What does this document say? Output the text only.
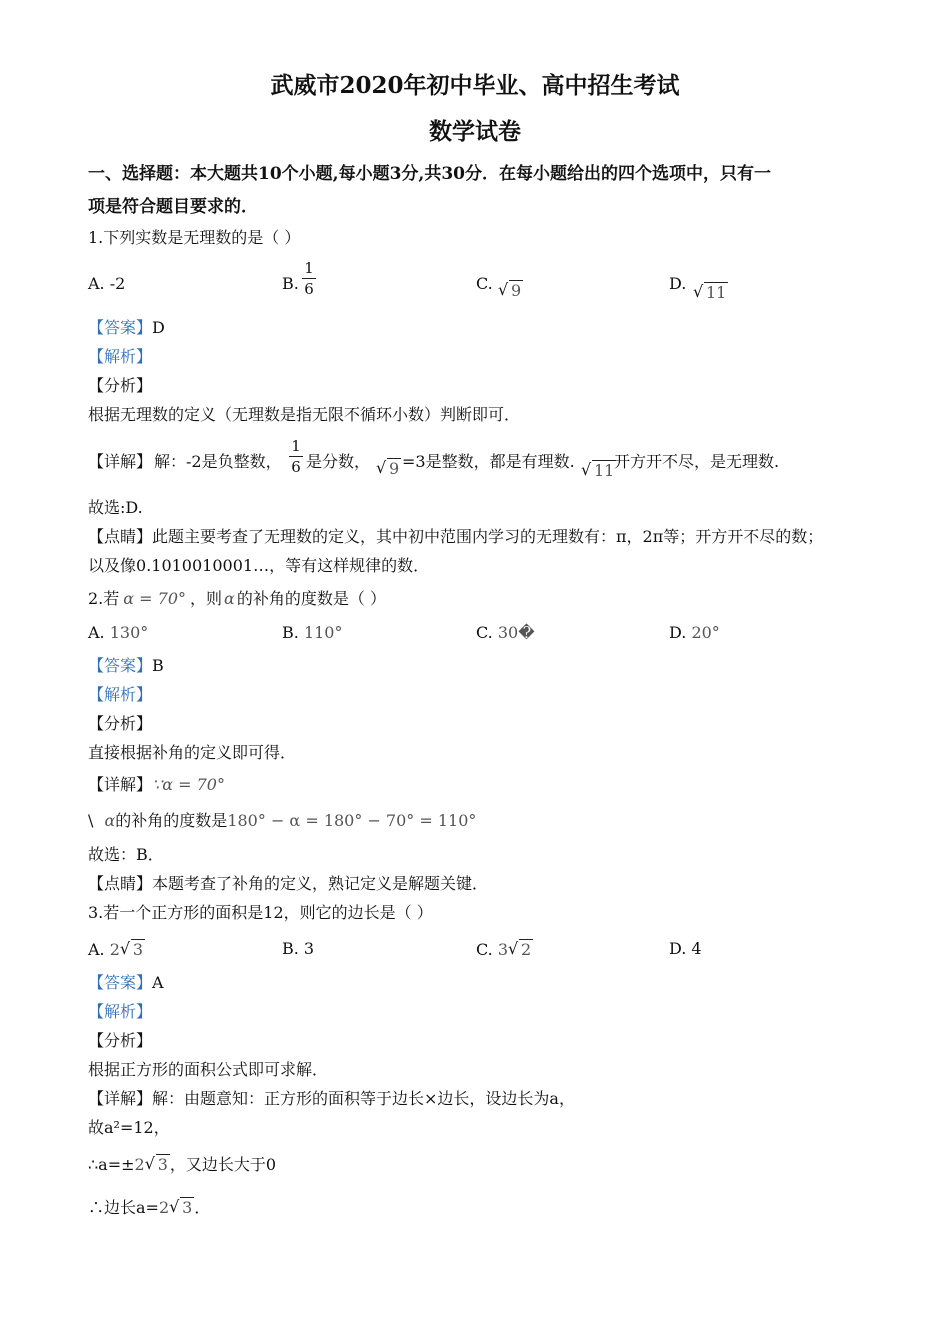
武威市2020年初中毕业、高中招生考试
数学试卷
一、选择题：本大题共10个小题,每小题3分,共30分．在每小题给出的四个选项中，只有一
项是符合题目要求的．
1.下列实数是无理数的是（ ）
A. -2	B.
1
6	C. √ 9	D. √ 11
【答案】D
【解析】
【分析】
根据无理数的定义（无理数是指无限不循环小数）判断即可．
【详解】 解：-2是负整数，
1
6 是分数， √ 9 =3是整数，都是有理数. √ 11 开方开不尽，是无理数.
故选:D.
【点睛】此题主要考查了无理数的定义，其中初中范围内学习的无理数有：π，2π等；开方开不尽的数；
以及像0.1010010001…，等有这样规律的数．
2.若 α = 70° ，则 α 的补角的度数是（ ）
A. 130°	B. 110°	C. 30�	D. 20°
【答案】B
【解析】
【分析】
直接根据补角的定义即可得．
【详解】∵α = 70°
\ α的补角的度数是180° − α = 180° − 70° = 110°
故选：B．
【点睛】本题考查了补角的定义，熟记定义是解题关键．
3.若一个正方形的面积是12，则它的边长是（ ）
A. 2 √ 3	B. 3	C. 3 √ 2	D. 4
【答案】A
【解析】
【分析】
根据正方形的面积公式即可求解．
【详解】解：由题意知：正方形的面积等于边长×边长，设边长为a，
故a²=12，
∴a=±2 √ 3 ，又边长大于0
∴边长a=2 √ 3 ．
